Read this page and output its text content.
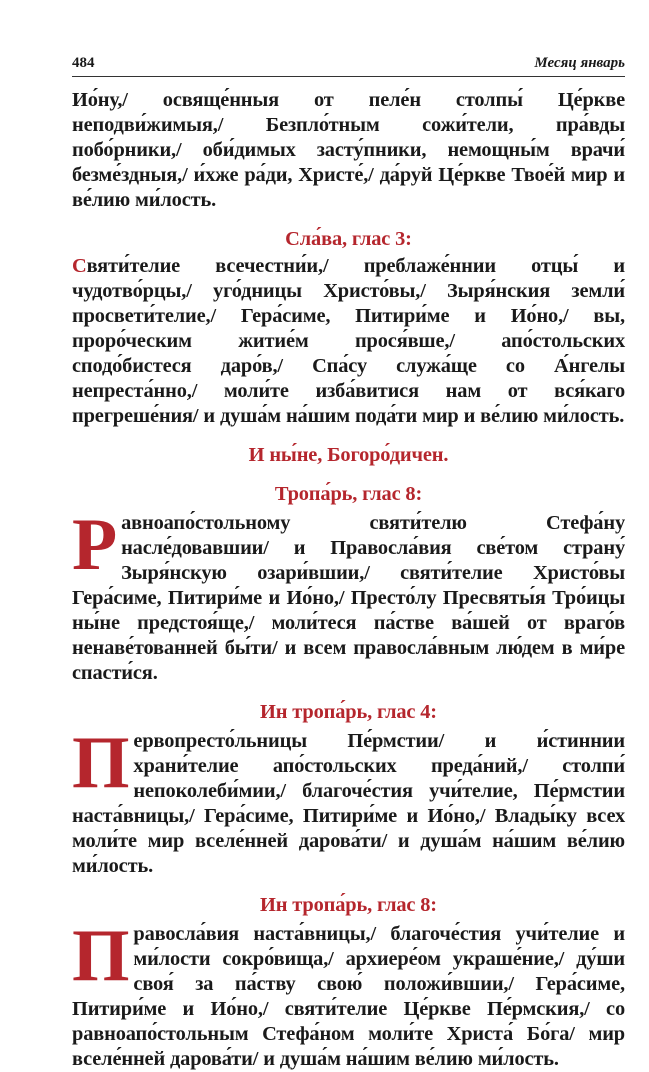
484	Месяц январь

Ио́ну,/ освяще́нныя от пеле́н столпы́ Це́ркве неподви́жимыя,/ Безпло́тным сожи́тели, пра́вды побо́рники,/ оби́димых засту́пники, немощны́м врачи́ безме́здныя,/ и́хже ра́ди, Христе́,/ да́руй Це́ркве Твое́й мир и ве́лию ми́лость.

Сла́ва, глас 3:

Святи́телие всечестни́и,/ преблаже́ннии отцы́ и чудотво́рцы,/ уго́дницы Христо́вы,/ Зыря́нския земли́ просвети́телие,/ Гера́симе, Питири́ме и Ио́но,/ вы, проро́ческим житие́м прося́вше,/ апо́стольских сподо́бистеся даро́в,/ Спа́су служа́ще со А́нгелы непреста́нно,/ моли́те изба́витися нам от вся́каго прегреше́ния/ и душа́м на́шим пода́ти мир и ве́лию ми́лость.

И ны́не, Богоро́дичен.

Тропа́рь, глас 8:

Равноапо́стольному святи́телю Стефа́ну насле́довавшии/ и Правосла́вия све́том страну́ Зыря́нскую озари́вшии,/ святи́телие Христо́вы Гера́симе, Питири́ме и Ио́но,/ Престо́лу Пресвяты́я Тро́ицы ны́не предстоя́ще,/ моли́теся па́стве ва́шей от враго́в ненаве́тованней бы́ти/ и всем правосла́вным лю́дем в ми́ре спасти́ся.

Ин тропа́рь, глас 4:

Первопресто́льницы Пе́рмстии/ и и́стиннии храни́телие апо́стольских преда́ний,/ столпи́ непоколеби́мии,/ благоче́стия учи́телие, Пе́рмстии наста́вницы,/ Гера́симе, Питири́ме и Ио́но,/ Влады́ку всех моли́те мир вселе́нней дарова́ти/ и душа́м на́шим ве́лию ми́лость.

Ин тропа́рь, глас 8:

Правосла́вия наста́вницы,/ благоче́стия учи́телие и ми́лости сокро́вища,/ архиере́ом украше́ние,/ ду́ши своя́ за па́ству свою́ положи́вшии,/ Гера́симе, Питири́ме и Ио́но,/ святи́телие Це́ркве Пе́рмския,/ со равноапо́стольным Стефа́ном моли́те Христа́ Бо́га/ мир вселе́нней дарова́ти/ и душа́м на́шим ве́лию ми́лость.
